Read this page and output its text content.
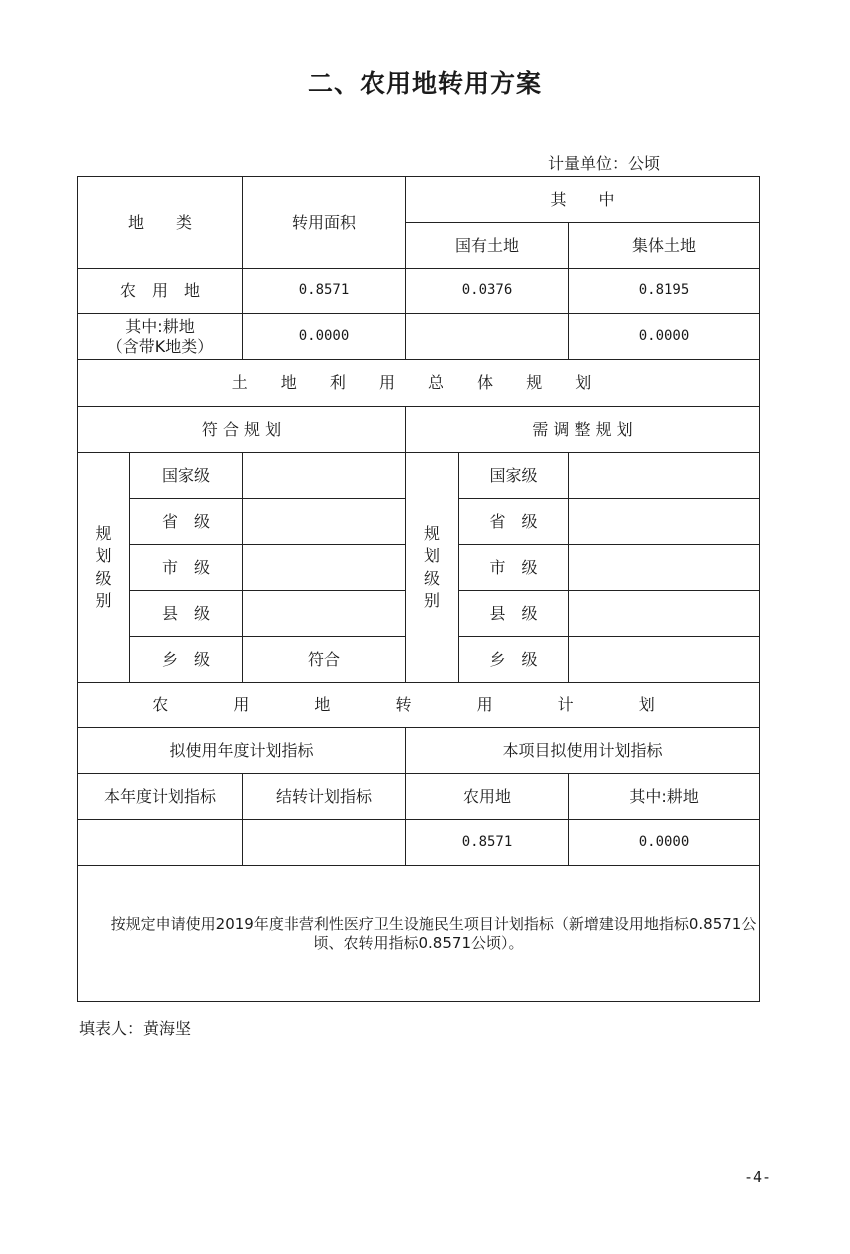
二、农用地转用方案
计量单位：公顷
地　　类		转用面积	其　　中		
			国有土地		集体土地
农　用　地		0.8571	0.0376		0.8195

其中:耕地
（含带K地类）		0.0000			0.0000
土 地 利 用 总 体 规 划					
符 合 规 划			需 调 整 规 划		

规划级别	国家级		规划级别	国家级	
	省　级			省　级	
	市　级			市　级	
	县　级			县　级	
	乡　级	符合		乡　级	
农 用 地 转 用 计 划					
拟使用年度计划指标			本项目拟使用计划指标		
本年度计划指标		结转计划指标	农用地		其中:耕地
			0.8571		0.0000

按规定申请使用2019年度非营利性医疗卫生设施民生项目计划指标（新增建设用地指标0.8571公顷、农转用指标0.8571公顷）。					
填表人：黄海坚
-4-
